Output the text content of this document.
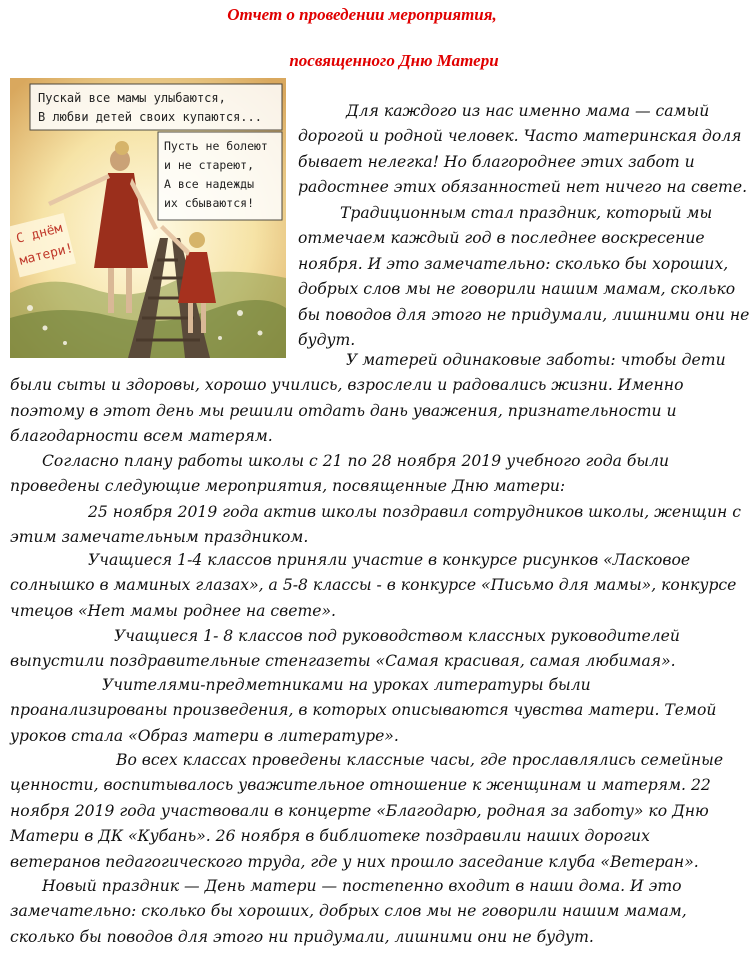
Отчет о проведении мероприятия,
посвященного Дню Матери
Пускай все мамы улыбаются,
В любви детей своих купаются...
Пусть не болеют
и не стареют,
А все надежды
их сбываются!
С днём
матери!

Для каждого из нас именно мама — самый дорогой и родной человек. Часто материнская доля бывает нелегка! Но благороднее этих забот и радостнее этих обязанностей нет ничего на свете.

Традиционным стал праздник, который мы отмечаем каждый год в последнее воскресение ноября. И это замечательно: сколько бы хороших, добрых слов мы не говорили нашим мамам, сколько бы поводов для этого не придумали, лишними они не будут.

У матерей одинаковые заботы: чтобы дети были сыты и здоровы, хорошо учились, взрослели и радовались жизни. Именно поэтому в этот день мы решили отдать дань уважения, признательности и благодарности всем матерям.

Согласно плану работы школы с 21 по 28 ноября 2019 учебного года были проведены следующие мероприятия, посвященные Дню матери:

25 ноября 2019 года актив школы поздравил сотрудников школы, женщин с этим замечательным праздником.

Учащиеся 1-4 классов приняли участие в конкурсе рисунков «Ласковое солнышко в маминых глазах», а 5-8 классы - в конкурсе «Письмо для мамы», конкурсе чтецов «Нет мамы роднее на свете».

Учащиеся 1- 8 классов под руководством классных руководителей выпустили поздравительные стенгазеты «Самая красивая, самая любимая».

Учителями-предметниками на уроках литературы были проанализированы произведения, в которых описываются чувства матери. Темой уроков стала «Образ матери в литературе».

Во всех классах проведены классные часы, где прославлялись семейные ценности, воспитывалось уважительное отношение к женщинам и матерям. 22 ноября 2019 года участвовали в концерте «Благодарю, родная за заботу» ко Дню Матери в ДК «Кубань». 26 ноября в библиотеке поздравили наших дорогих ветеранов педагогического труда, где у них прошло заседание клуба «Ветеран».

Новый праздник — День матери — постепенно входит в наши дома. И это замечательно: сколько бы хороших, добрых слов мы не говорили нашим мамам, сколько бы поводов для этого ни придумали, лишними они не будут.
